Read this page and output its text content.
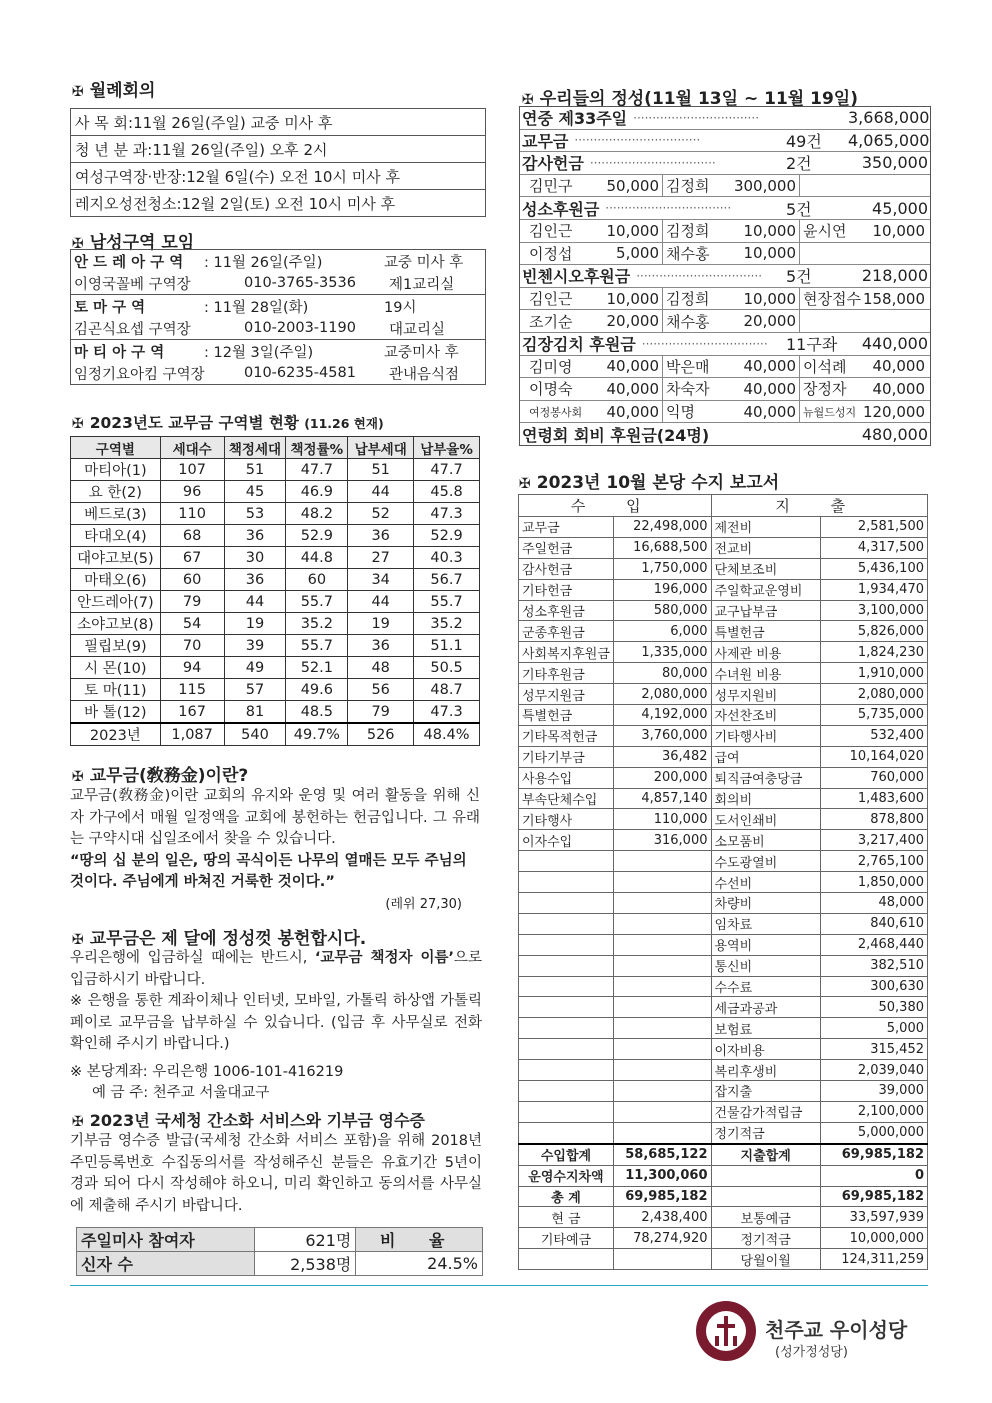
✠ 월례회의
사 목 회:11월 26일(주일) 교중 미사 후
청 년 분 과:11월 26일(주일) 오후 2시
여성구역장·반장:12월 6일(수) 오전 10시 미사 후
레지오성전청소:12월 2일(토) 오전 10시 미사 후
✠ 남성구역 모임
안 드 레 아 구 역	: 11월 26일(주일)	교중 미사 후
이영국꼴베 구역장	010-3765-3536	제1교리실
토 마 구 역	: 11월 28일(화)	19시
김곤식요셉 구역장	010-2003-1190	대교리실
마 티 아 구 역	: 12월 3일(주일)	교중미사 후
임정기요아킴 구역장	010-6235-4581	관내음식점
✠ 2023년도 교무금 구역별 현황 (11.26 현재)
구역별	세대수	책정세대	책정률%	납부세대	납부율%
마티아(1)	107	51	47.7	51	47.7
요 한(2)	96	45	46.9	44	45.8
베드로(3)	110	53	48.2	52	47.3
타대오(4)	68	36	52.9	36	52.9
대야고보(5)	67	30	44.8	27	40.3
마태오(6)	60	36	60	34	56.7
안드레아(7)	79	44	55.7	44	55.7
소야고보(8)	54	19	35.2	19	35.2
필립보(9)	70	39	55.7	36	51.1
시 몬(10)	94	49	52.1	48	50.5
토 마(11)	115	57	49.6	56	48.7
바 톨(12)	167	81	48.5	79	47.3
2023년	1,087	540	49.7%	526	48.4%
✠ 교무금(敎務金)이란?
교무금(敎務金)이란 교회의 유지와 운영 및 여러 활동을 위해 신자 가구에서 매월 일정액을 교회에 봉헌하는 헌금입니다. 그 유래는 구약시대 십일조에서 찾을 수 있습니다.
“땅의 십 분의 일은, 땅의 곡식이든 나무의 열매든 모두 주님의 것이다. 주님에게 바쳐진 거룩한 것이다.”
(레위 27,30)
✠ 교무금은 제 달에 정성껏 봉헌합시다.
우리은행에 입금하실 때에는 반드시, ‘교무금 책정자 이름’으로 입금하시기 바랍니다.
※ 은행을 통한 계좌이체나 인터넷, 모바일, 가톨릭 하상앱 가톨릭페이로 교무금을 납부하실 수 있습니다. (입금 후 사무실로 전화 확인해 주시기 바랍니다.)
※ 본당계좌: 우리은행 1006-101-416219
예 금 주: 천주교 서울대교구
✠ 2023년 국세청 간소화 서비스와 기부금 영수증
기부금 영수증 발급(국세청 간소화 서비스 포함)을 위해 2018년 주민등록번호 수집동의서를 작성해주신 분들은 유효기간 5년이 경과 되어 다시 작성해야 하오니, 미리 확인하고 동의서를 사무실에 제출해 주시기 바랍니다.
주일미사 참여자	621명	비 율
신자 수	2,538명	24.5%
✠ 우리들의 정성(11월 13일 ~ 11월 19일)
연중 제33주일 ·································	3,668,000
교무금 ·································	49건	4,065,000
감사헌금 ·································	2건	350,000
김민구 50,000 김정희 300,000
성소후원금 ·································	5건	45,000
김인근 10,000 김정희 10,000 윤시연 10,000
이정섭	5,000 채수홍 10,000
빈첸시오후원금 ·································	5건	218,000
김인근 10,000 김정희 10,000 현장접수 158,000
조기순 20,000 채수홍 20,000
김장김치 후원금 ·································	11구좌	440,000
김미영 40,000 박은매 40,000 이석례 40,000
이명숙 40,000 차숙자 40,000 장정자 40,000
여정봉사회 40,000 익명	40,000 뉴월드성지 120,000
연령회 회비 후원금(24명)	480,000
✠ 2023년 10월 본당 수지 보고서
수 입		지 출	
교무금	22,498,000	제전비	2,581,500
주일헌금	16,688,500	전교비	4,317,500
감사헌금	1,750,000	단체보조비	5,436,100
기타헌금	196,000	주일학교운영비	1,934,470
성소후원금	580,000	교구납부금	3,100,000
군종후원금	6,000	특별헌금	5,826,000
사회복지후원금	1,335,000	사제관 비용	1,824,230
기타후원금	80,000	수녀원 비용	1,910,000
성무지원금	2,080,000	성무지원비	2,080,000
특별헌금	4,192,000	자선찬조비	5,735,000
기타목적헌금	3,760,000	기타행사비	532,400
기타기부금	36,482	급여	10,164,020
사용수입	200,000	퇴직금여충당금	760,000
부속단체수입	4,857,140	회의비	1,483,600
기타행사	110,000	도서인쇄비	878,800
이자수입	316,000	소모품비	3,217,400
		수도광열비	2,765,100
		수선비	1,850,000
		차량비	48,000
		임차료	840,610
		용역비	2,468,440
		통신비	382,510
		수수료	300,630
		세금과공과	50,380
		보험료	5,000
		이자비용	315,452
		복리후생비	2,039,040
		잡지출	39,000
		건물감가적립금	2,100,000
		정기적금	5,000,000
수입합계	58,685,122	지출합계	69,985,182
운영수지차액	11,300,060		0
총 계	69,985,182		69,985,182
현 금	2,438,400	보통예금	33,597,939
기타예금	78,274,920	정기적금	10,000,000
		당월이월	124,311,259
천주교 우이성당
(성가정성당)
